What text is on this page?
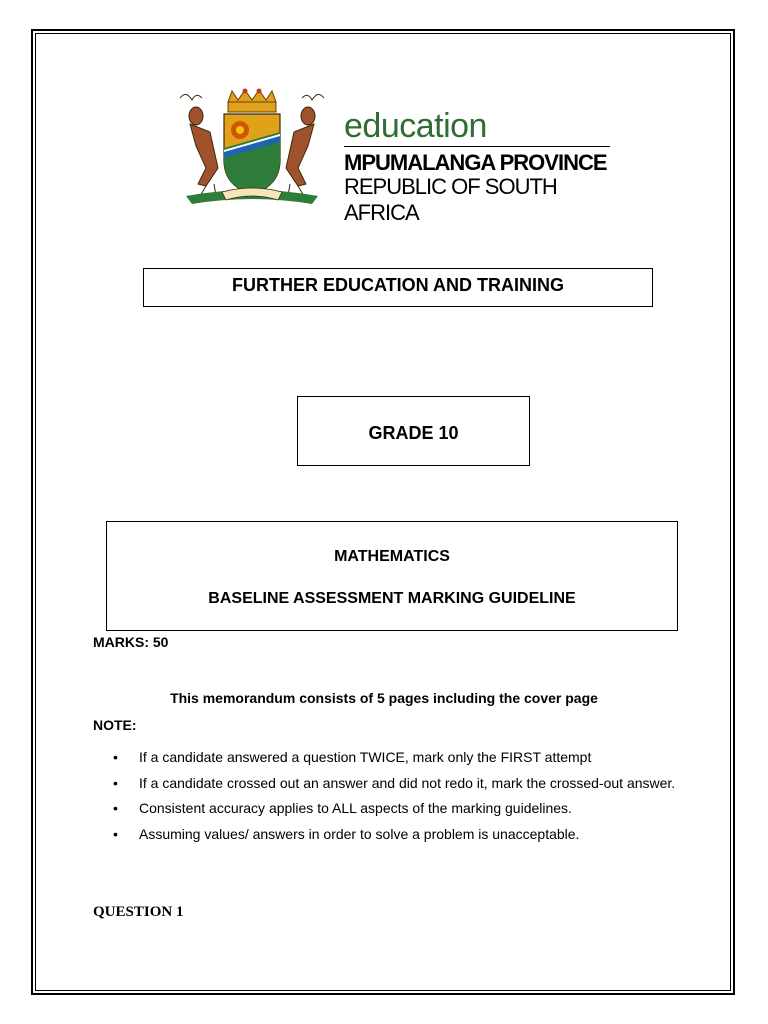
education
MPUMALANGA PROVINCE
REPUBLIC OF SOUTH AFRICA
FURTHER EDUCATION AND TRAINING
GRADE 10
MATHEMATICS
BASELINE ASSESSMENT MARKING GUIDELINE
MARKS: 50
This memorandum consists of 5 pages including the cover page
NOTE:
• If a candidate answered a question TWICE, mark only the FIRST attempt
• If a candidate crossed out an answer and did not redo it, mark the crossed-out answer.
• Consistent accuracy applies to ALL aspects of the marking guidelines.
• Assuming values/ answers in order to solve a problem is unacceptable.
QUESTION 1
